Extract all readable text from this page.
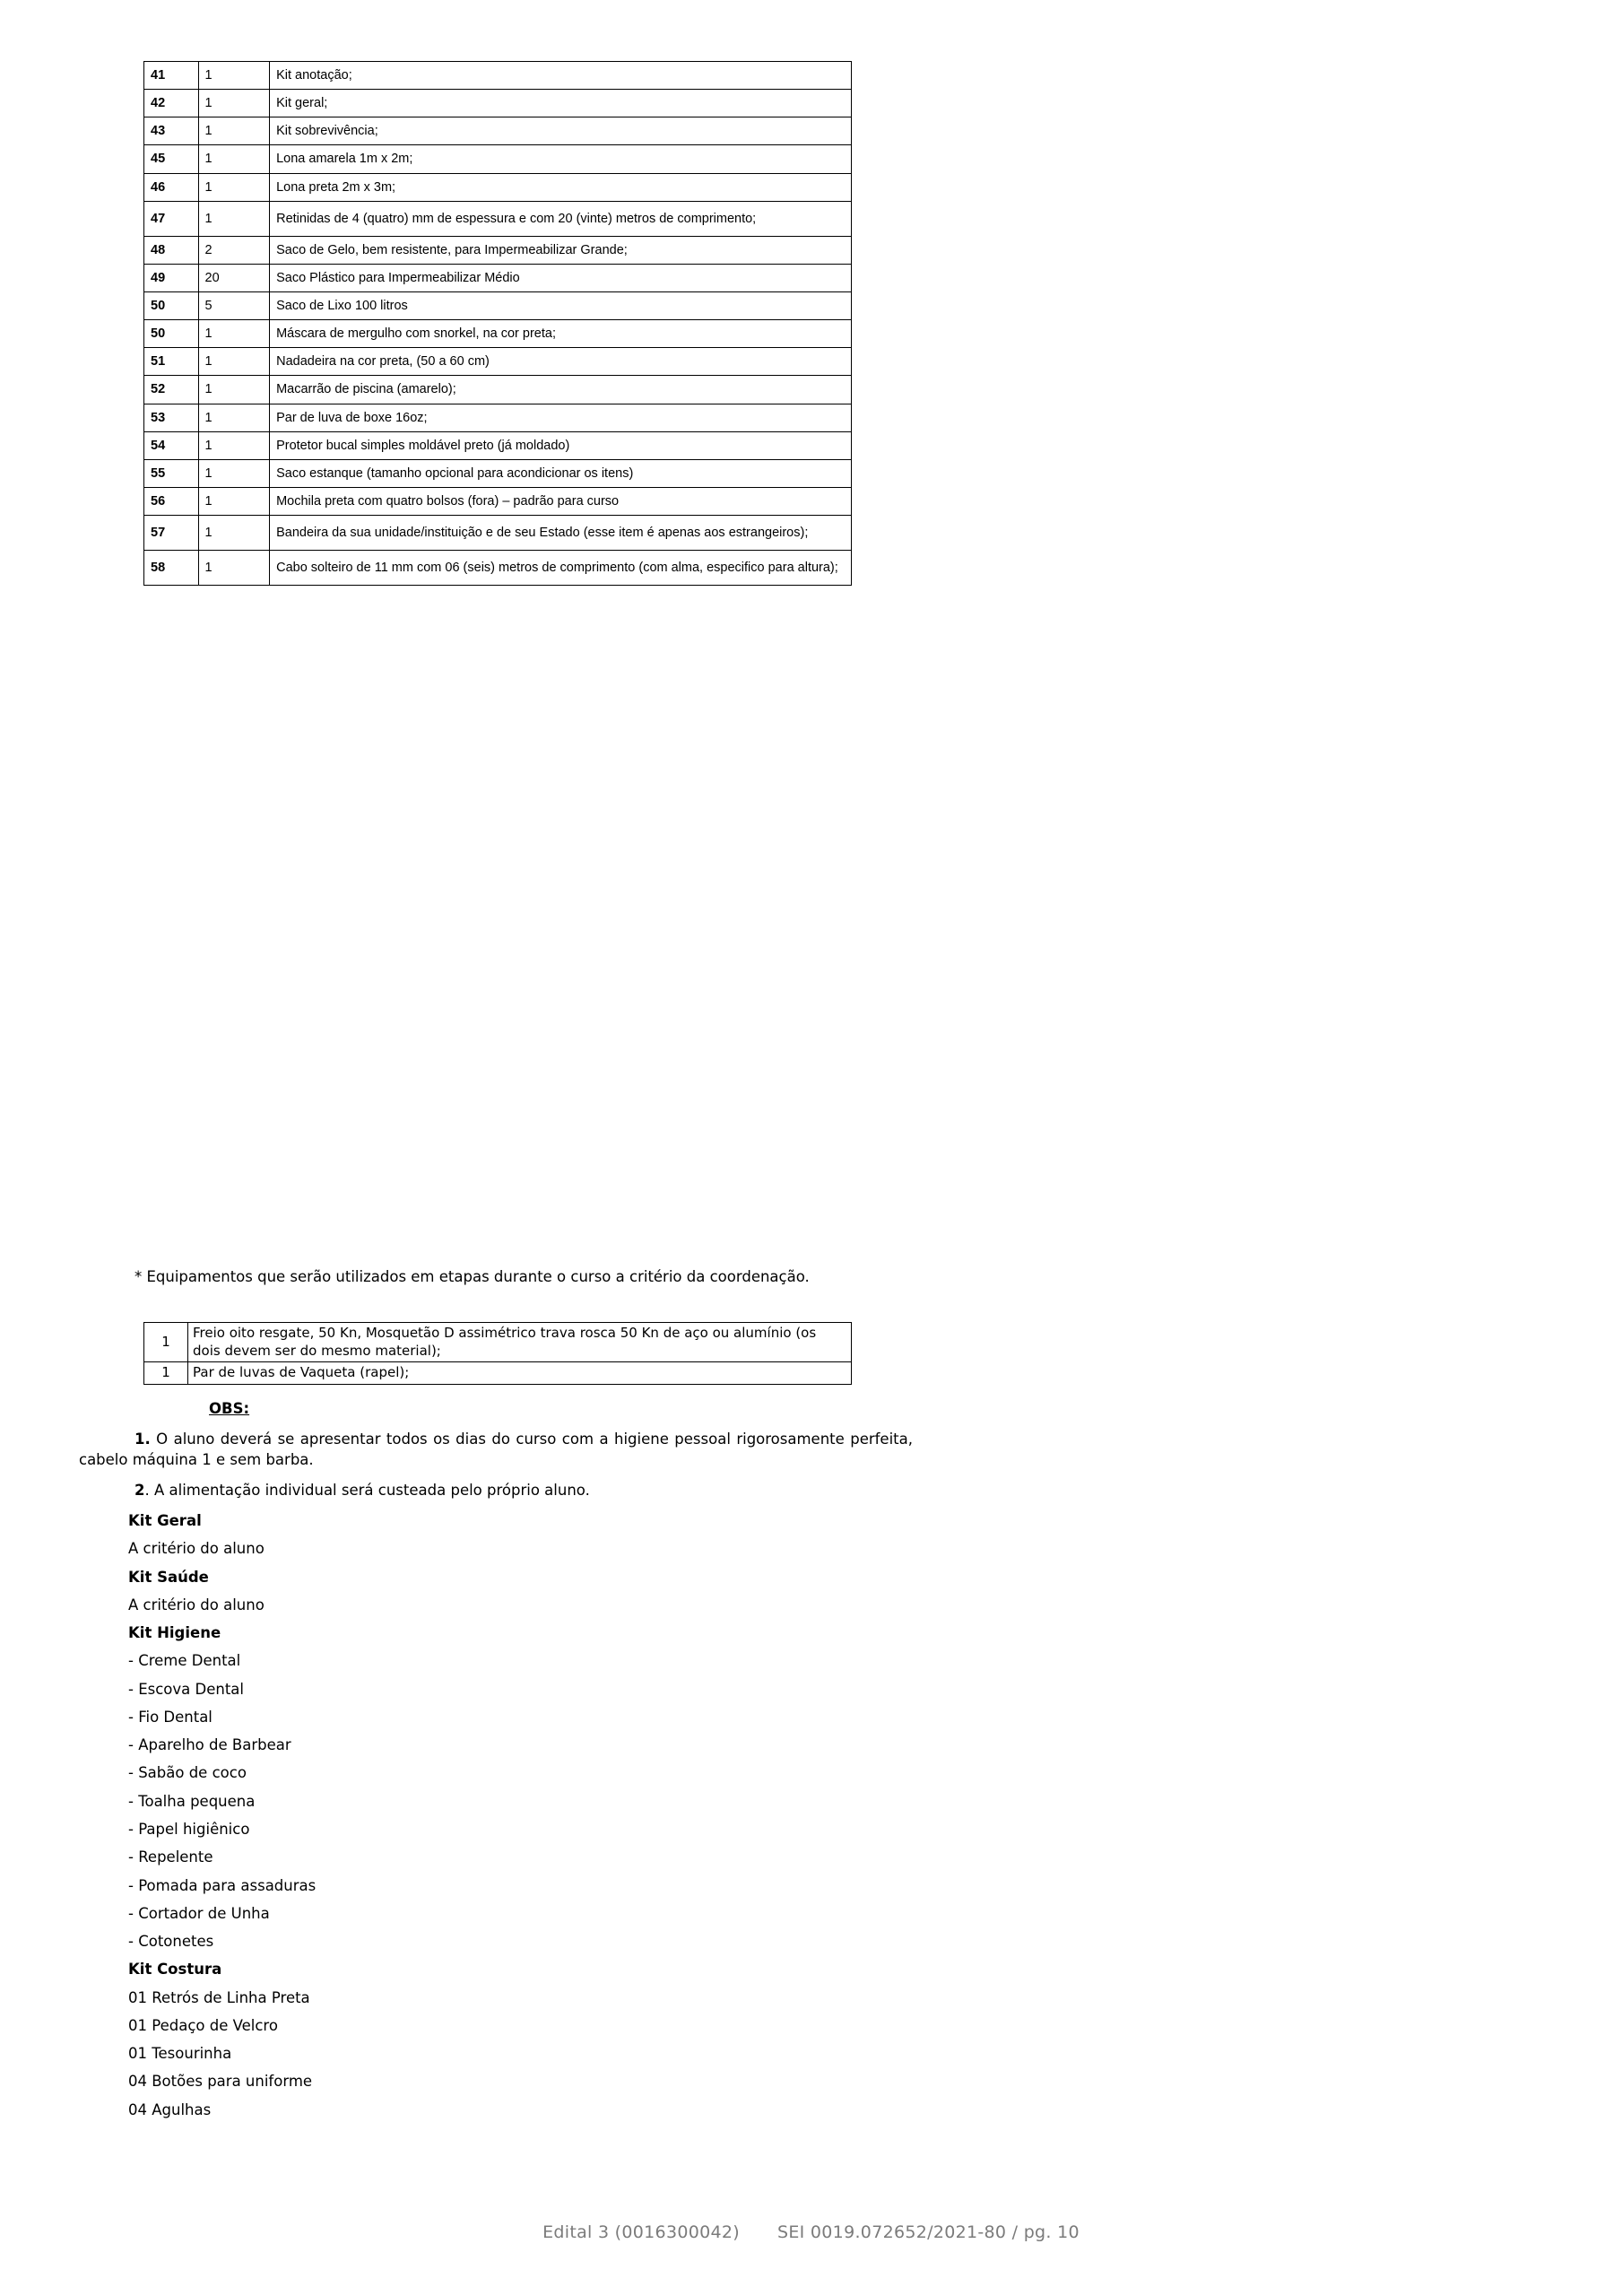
41	1	Kit anotação;
42	1	Kit geral;
43	1	Kit sobrevivência;
45	1	Lona amarela 1m x 2m;
46	1	Lona preta 2m x 3m;
47	1	Retinidas de 4 (quatro) mm de espessura e com 20 (vinte) metros de comprimento;
48	2	Saco de Gelo, bem resistente, para Impermeabilizar Grande;
49	20	Saco Plástico para Impermeabilizar Médio
50	5	Saco de Lixo 100 litros
50	1	Máscara de mergulho com snorkel, na cor preta;
51	1	Nadadeira na cor preta, (50 a 60 cm)
52	1	Macarrão de piscina (amarelo);
53	1	Par de luva de boxe 16oz;
54	1	Protetor bucal simples moldável preto (já moldado)
55	1	Saco estanque (tamanho opcional para acondicionar os itens)
56	1	Mochila preta com quatro bolsos (fora) – padrão para curso
57	1	Bandeira da sua unidade/instituição e de seu Estado (esse item é apenas aos estrangeiros);
58	1	Cabo solteiro de 11 mm com 06 (seis) metros de comprimento (com alma, especifico para altura);
* Equipamentos que serão utilizados em etapas durante o curso a critério da coordenação.
1	Freio oito resgate, 50 Kn, Mosquetão D assimétrico trava rosca 50 Kn de aço ou alumínio (os dois devem ser do mesmo material);
1	Par de luvas de Vaqueta (rapel);
OBS:

1. O aluno deverá se apresentar todos os dias do curso com a higiene pessoal rigorosamente perfeita, cabelo máquina 1 e sem barba.

2. A alimentação individual será custeada pelo próprio aluno.

Kit Geral
A critério do aluno
Kit Saúde
A critério do aluno
Kit Higiene
- Creme Dental
- Escova Dental
- Fio Dental
- Aparelho de Barbear
- Sabão de coco
- Toalha pequena
- Papel higiênico
- Repelente
- Pomada para assaduras
- Cortador de Unha
- Cotonetes
Kit Costura
01 Retrós de Linha Preta
01 Pedaço de Velcro
01 Tesourinha
04 Botões para uniforme
04 Agulhas
Edital 3 (0016300042) SEI 0019.072652/2021-80 / pg. 10
